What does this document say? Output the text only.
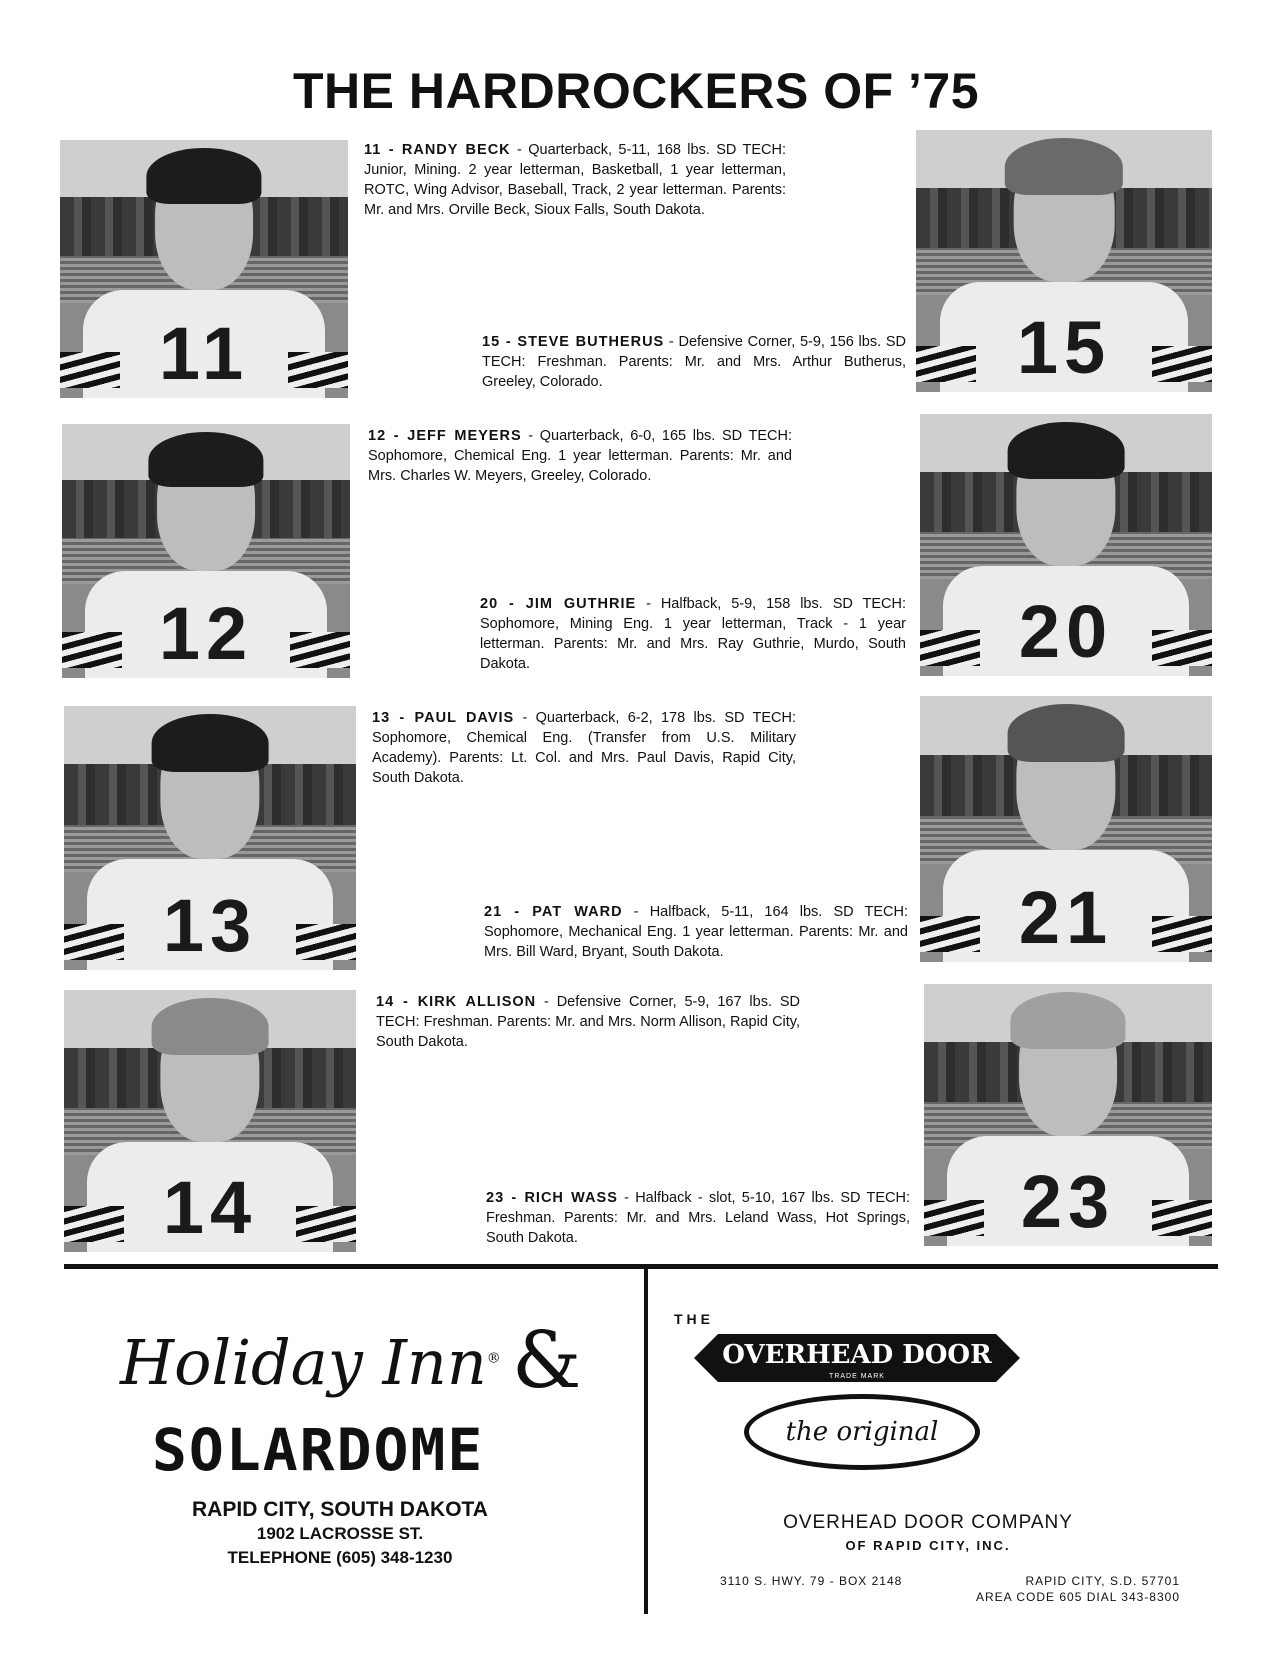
THE HARDROCKERS OF ’75
11	15
12	20
13	21
14	23
11 - RANDY BECK - Quarterback, 5-11, 168 lbs. SD TECH: Junior, Mining. 2 year letterman, Basketball, 1 year letterman, ROTC, Wing Advisor, Baseball, Track, 2 year letterman. Parents: Mr. and Mrs. Orville Beck, Sioux Falls, South Dakota.
15 - STEVE BUTHERUS - Defensive Corner, 5-9, 156 lbs. SD TECH: Freshman. Parents: Mr. and Mrs. Arthur Butherus, Greeley, Colorado.
12 - JEFF MEYERS - Quarterback, 6-0, 165 lbs. SD TECH: Sophomore, Chemical Eng. 1 year letterman. Parents: Mr. and Mrs. Charles W. Meyers, Greeley, Colorado.
20 - JIM GUTHRIE - Halfback, 5-9, 158 lbs. SD TECH: Sophomore, Mining Eng. 1 year letterman, Track - 1 year letterman. Parents: Mr. and Mrs. Ray Guthrie, Murdo, South Dakota.
13 - PAUL DAVIS - Quarterback, 6-2, 178 lbs. SD TECH: Sophomore, Chemical Eng. (Transfer from U.S. Military Academy). Parents: Lt. Col. and Mrs. Paul Davis, Rapid City, South Dakota.
21 - PAT WARD - Halfback, 5-11, 164 lbs. SD TECH: Sophomore, Mechanical Eng. 1 year letterman. Parents: Mr. and Mrs. Bill Ward, Bryant, South Dakota.
14 - KIRK ALLISON - Defensive Corner, 5-9, 167 lbs. SD TECH: Freshman. Parents: Mr. and Mrs. Norm Allison, Rapid City, South Dakota.
23 - RICH WASS - Halfback - slot, 5-10, 167 lbs. SD TECH: Freshman. Parents: Mr. and Mrs. Leland Wass, Hot Springs, South Dakota.
Holiday Inn® &
SOLARDOME
RAPID CITY, SOUTH DAKOTA
1902 LACROSSE ST.
TELEPHONE (605) 348-1230
THE
OVERHEAD DOOR
TRADE MARK
the original
OVERHEAD DOOR COMPANY
OF RAPID CITY, INC.
3110 S. HWY. 79 - BOX 2148	RAPID CITY, S.D. 57701
AREA CODE 605 DIAL 343-8300
